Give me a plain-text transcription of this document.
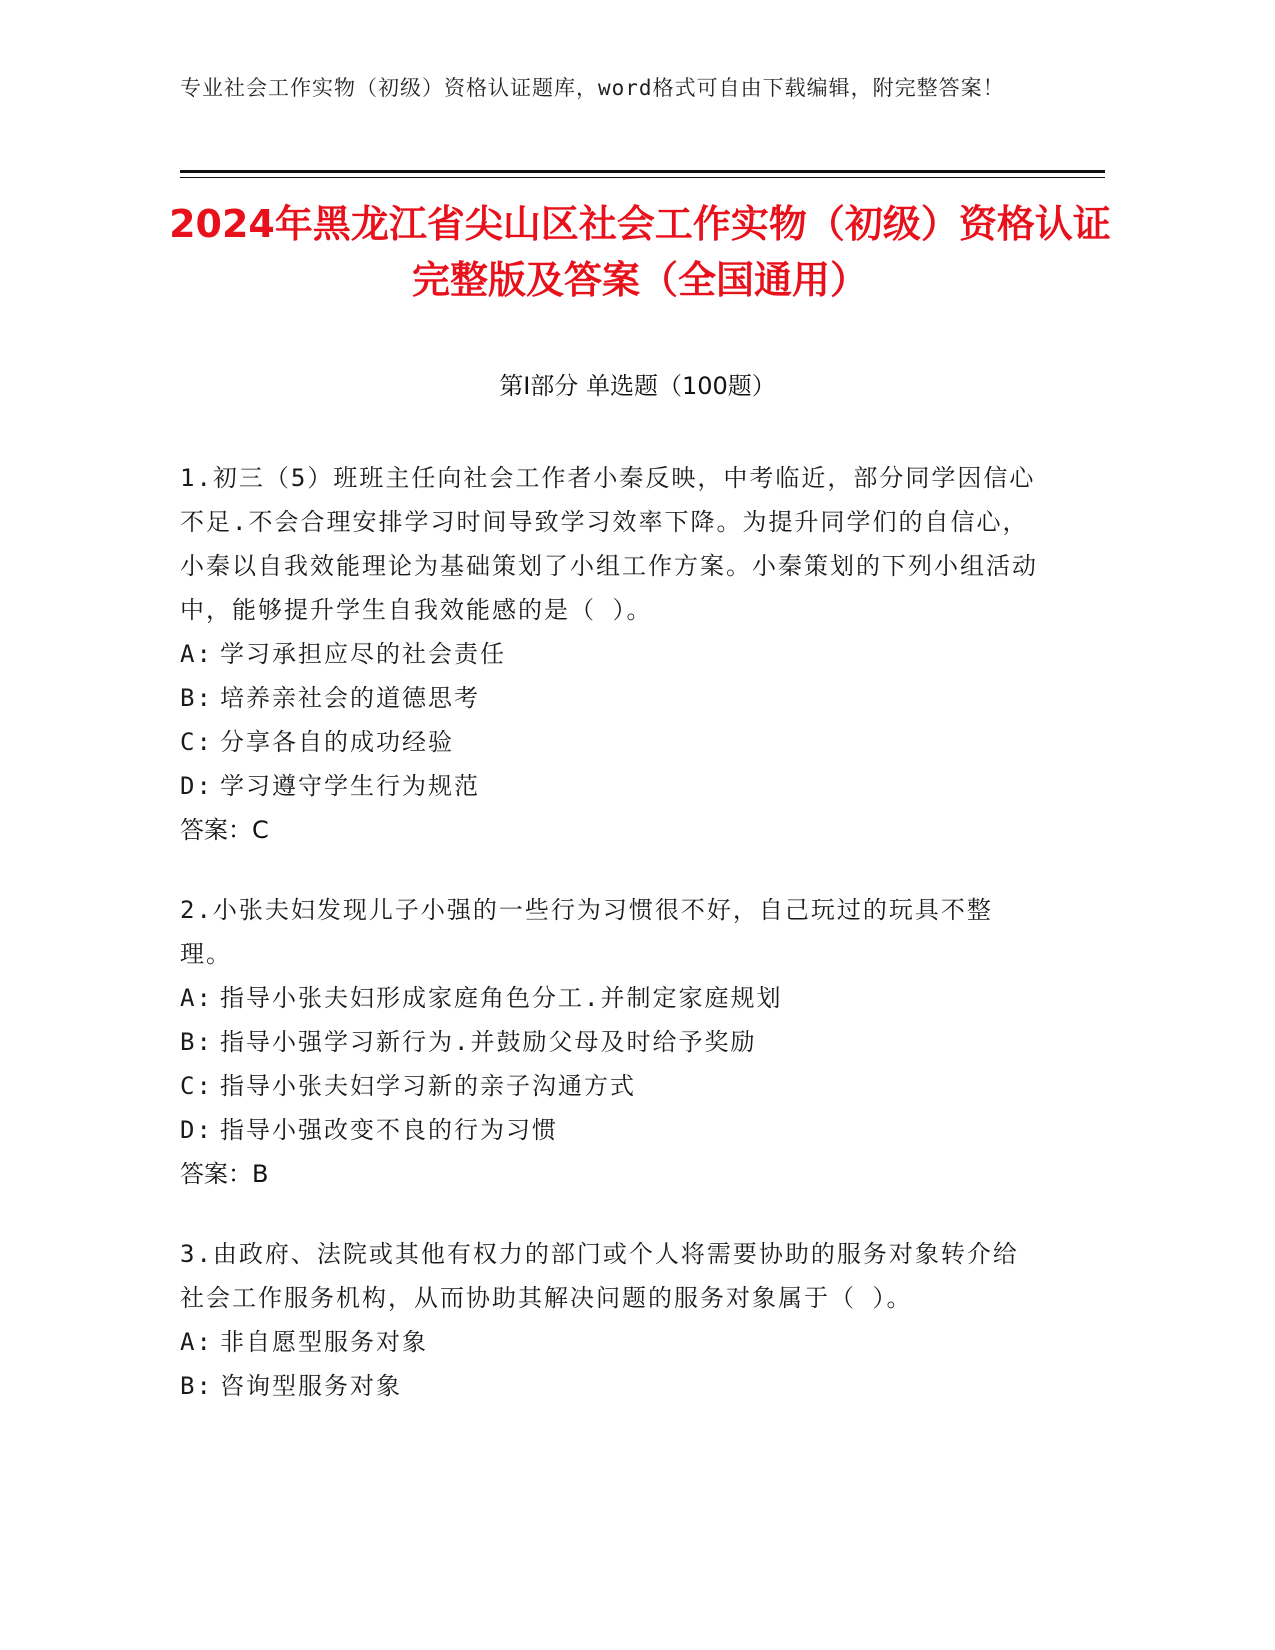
专业社会工作实物（初级）资格认证题库，word格式可自由下载编辑，附完整答案！
2024年黑龙江省尖山区社会工作实物（初级）资格认证完整版及答案（全国通用）
第Ⅰ部分 单选题（100题）

1.初三（5）班班主任向社会工作者小秦反映，中考临近，部分同学因信心不足.不会合理安排学习时间导致学习效率下降。为提升同学们的自信心，小秦以自我效能理论为基础策划了小组工作方案。小秦策划的下列小组活动中，能够提升学生自我效能感的是（ ）。

A: 学习承担应尽的社会责任

B: 培养亲社会的道德思考

C: 分享各自的成功经验

D: 学习遵守学生行为规范

答案：C

2.小张夫妇发现儿子小强的一些行为习惯很不好，自己玩过的玩具不整理。

A: 指导小张夫妇形成家庭角色分工.并制定家庭规划

B: 指导小强学习新行为.并鼓励父母及时给予奖励

C: 指导小张夫妇学习新的亲子沟通方式

D: 指导小强改变不良的行为习惯

答案：B

3.由政府、法院或其他有权力的部门或个人将需要协助的服务对象转介给社会工作服务机构，从而协助其解决问题的服务对象属于（ ）。

A: 非自愿型服务对象

B: 咨询型服务对象
